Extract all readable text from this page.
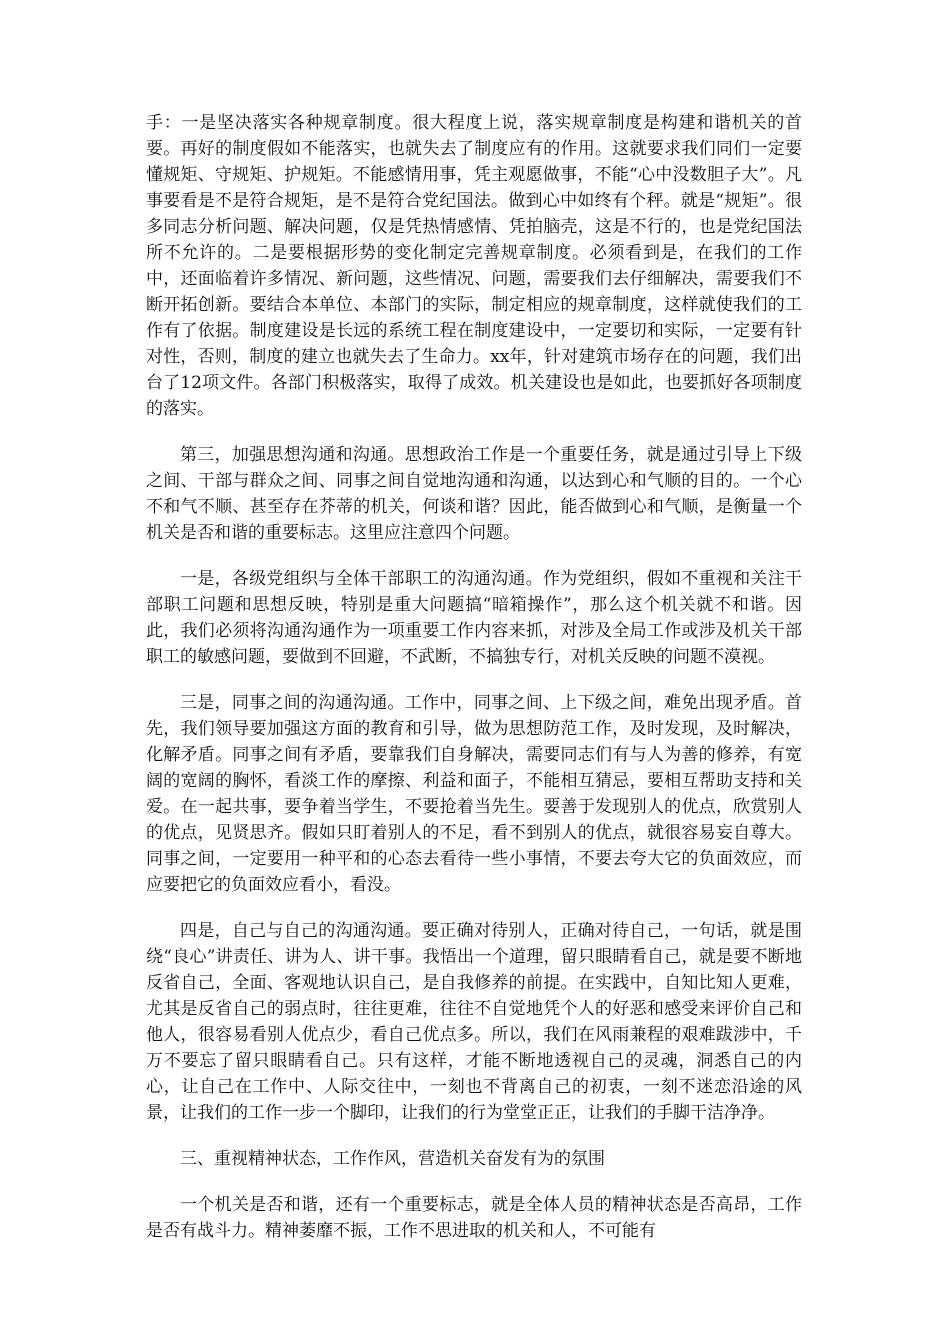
手：一是坚决落实各种规章制度。很大程度上说，落实规章制度是构建和谐机关的首要。再好的制度假如不能落实，也就失去了制度应有的作用。这就要求我们同们一定要懂规矩、守规矩、护规矩。不能感情用事，凭主观愿做事，不能“心中没数胆子大”。凡事要看是不是符合规矩，是不是符合党纪国法。做到心中如终有个秤。就是“规矩”。很多同志分析问题、解决问题，仅是凭热情感情、凭拍脑壳，这是不行的，也是党纪国法所不允许的。二是要根据形势的变化制定完善规章制度。必须看到是，在我们的工作中，还面临着许多情况、新问题，这些情况、问题，需要我们去仔细解决，需要我们不断开拓创新。要结合本单位、本部门的实际，制定相应的规章制度，这样就使我们的工作有了依据。制度建设是长远的系统工程在制度建设中，一定要切和实际，一定要有针对性，否则，制度的建立也就失去了生命力。xx年，针对建筑市场存在的问题，我们出台了12项文件。各部门积极落实，取得了成效。机关建设也是如此，也要抓好各项制度的落实。

第三，加强思想沟通和沟通。思想政治工作是一个重要任务，就是通过引导上下级之间、干部与群众之间、同事之间自觉地沟通和沟通，以达到心和气顺的目的。一个心不和气不顺、甚至存在芥蒂的机关，何谈和谐？因此，能否做到心和气顺，是衡量一个机关是否和谐的重要标志。这里应注意四个问题。

一是，各级党组织与全体干部职工的沟通沟通。作为党组织，假如不重视和关注干部职工问题和思想反映，特别是重大问题搞“暗箱操作”，那么这个机关就不和谐。因此，我们必须将沟通沟通作为一项重要工作内容来抓，对涉及全局工作或涉及机关干部职工的敏感问题，要做到不回避，不武断，不搞独专行，对机关反映的问题不漠视。

三是，同事之间的沟通沟通。工作中，同事之间、上下级之间，难免出现矛盾。首先，我们领导要加强这方面的教育和引导，做为思想防范工作，及时发现，及时解决，化解矛盾。同事之间有矛盾，要靠我们自身解决，需要同志们有与人为善的修养，有宽阔的宽阔的胸怀，看淡工作的摩擦、利益和面子，不能相互猜忌，要相互帮助支持和关爱。在一起共事，要争着当学生，不要抢着当先生。要善于发现别人的优点，欣赏别人的优点，见贤思齐。假如只盯着别人的不足，看不到别人的优点，就很容易妄自尊大。同事之间，一定要用一种平和的心态去看待一些小事情，不要去夸大它的负面效应，而应要把它的负面效应看小，看没。

四是，自己与自己的沟通沟通。要正确对待别人，正确对待自己，一句话，就是围绕“良心”讲责任、讲为人、讲干事。我悟出一个道理，留只眼睛看自己，就是要不断地反省自己，全面、客观地认识自己，是自我修养的前提。在实践中，自知比知人更难，尤其是反省自己的弱点时，往往更难，往往不自觉地凭个人的好恶和感受来评价自己和他人，很容易看别人优点少，看自己优点多。所以，我们在风雨兼程的艰难跋涉中，千万不要忘了留只眼睛看自己。只有这样，才能不断地透视自己的灵魂，洞悉自己的内心，让自己在工作中、人际交往中，一刻也不背离自己的初衷，一刻不迷恋沿途的风景，让我们的工作一步一个脚印，让我们的行为堂堂正正，让我们的手脚干洁净净。

三、重视精神状态，工作作风，营造机关奋发有为的氛围

一个机关是否和谐，还有一个重要标志，就是全体人员的精神状态是否高昂，工作是否有战斗力。精神萎靡不振，工作不思进取的机关和人，不可能有
